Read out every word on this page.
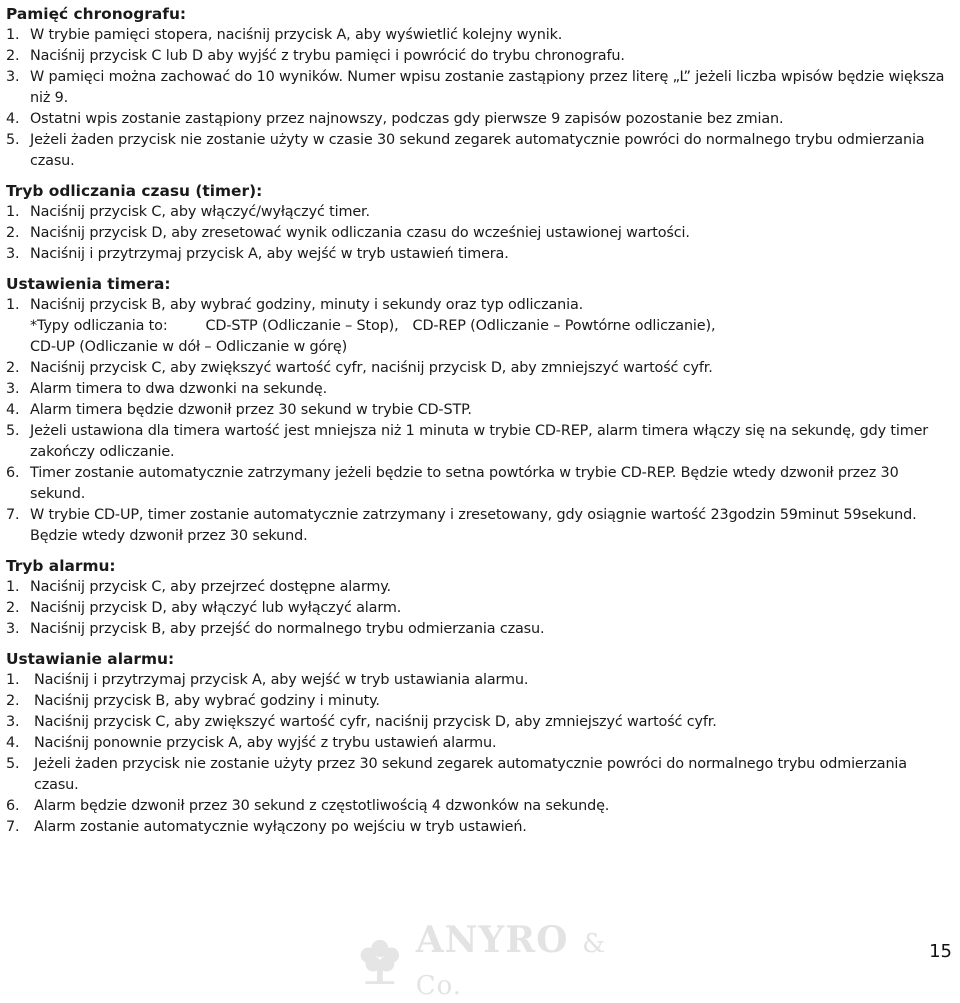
Pamięć chronografu:
1. W trybie pamięci stopera, naciśnij przycisk A, aby wyświetlić kolejny wynik.
2. Naciśnij przycisk C lub D aby wyjść z trybu pamięci i powrócić do trybu chronografu.
3. W pamięci można zachować do 10 wyników. Numer wpisu zostanie zastąpiony przez literę „L” jeżeli liczba wpisów będzie większa niż 9.
4. Ostatni wpis zostanie zastąpiony przez najnowszy, podczas gdy pierwsze 9 zapisów pozostanie bez zmian.
5. Jeżeli żaden przycisk nie zostanie użyty w czasie 30 sekund zegarek automatycznie powróci do normalnego trybu odmierzania czasu.
Tryb odliczania czasu (timer):
1. Naciśnij przycisk C, aby włączyć/wyłączyć timer.
2. Naciśnij przycisk D, aby zresetować wynik odliczania czasu do wcześniej ustawionej wartości.
3. Naciśnij i przytrzymaj przycisk A, aby wejść w tryb ustawień timera.
Ustawienia timera:
1. Naciśnij przycisk B, aby wybrać godziny, minuty i sekundy oraz typ odliczania.
*Typy odliczania to:	CD-STP (Odliczanie – Stop), CD-REP (Odliczanie – Powtórne odliczanie),
CD-UP (Odliczanie w dół – Odliczanie w górę)
2. Naciśnij przycisk C, aby zwiększyć wartość cyfr, naciśnij przycisk D, aby zmniejszyć wartość cyfr.
3. Alarm timera to dwa dzwonki na sekundę.
4. Alarm timera będzie dzwonił przez 30 sekund w trybie CD-STP.
5. Jeżeli ustawiona dla timera wartość jest mniejsza niż 1 minuta w trybie CD-REP, alarm timera włączy się na sekundę, gdy timer zakończy odliczanie.
6. Timer zostanie automatycznie zatrzymany jeżeli będzie to setna powtórka w trybie CD-REP. Będzie wtedy dzwonił przez 30 sekund.
7. W trybie CD-UP, timer zostanie automatycznie zatrzymany i zresetowany, gdy osiągnie wartość 23godzin 59minut 59sekund. Będzie wtedy dzwonił przez 30 sekund.
Tryb alarmu:
1. Naciśnij przycisk C, aby przejrzeć dostępne alarmy.
2. Naciśnij przycisk D, aby włączyć lub wyłączyć alarm.
3. Naciśnij przycisk B, aby przejść do normalnego trybu odmierzania czasu.
Ustawianie alarmu:
1.	Naciśnij i przytrzymaj przycisk A, aby wejść w tryb ustawiania alarmu.
2.	Naciśnij przycisk B, aby wybrać godziny i minuty.
3.	Naciśnij przycisk C, aby zwiększyć wartość cyfr, naciśnij przycisk D, aby zmniejszyć wartość cyfr.
4.	Naciśnij ponownie przycisk A, aby wyjść z trybu ustawień alarmu.
5.	Jeżeli żaden przycisk nie zostanie użyty przez 30 sekund zegarek automatycznie powróci do normalnego trybu odmierzania czasu.
6.	Alarm będzie dzwonił przez 30 sekund z częstotliwością 4 dzwonków na sekundę.
7.	Alarm zostanie automatycznie wyłączony po wejściu w tryb ustawień.
ANYRO & Co.
15
